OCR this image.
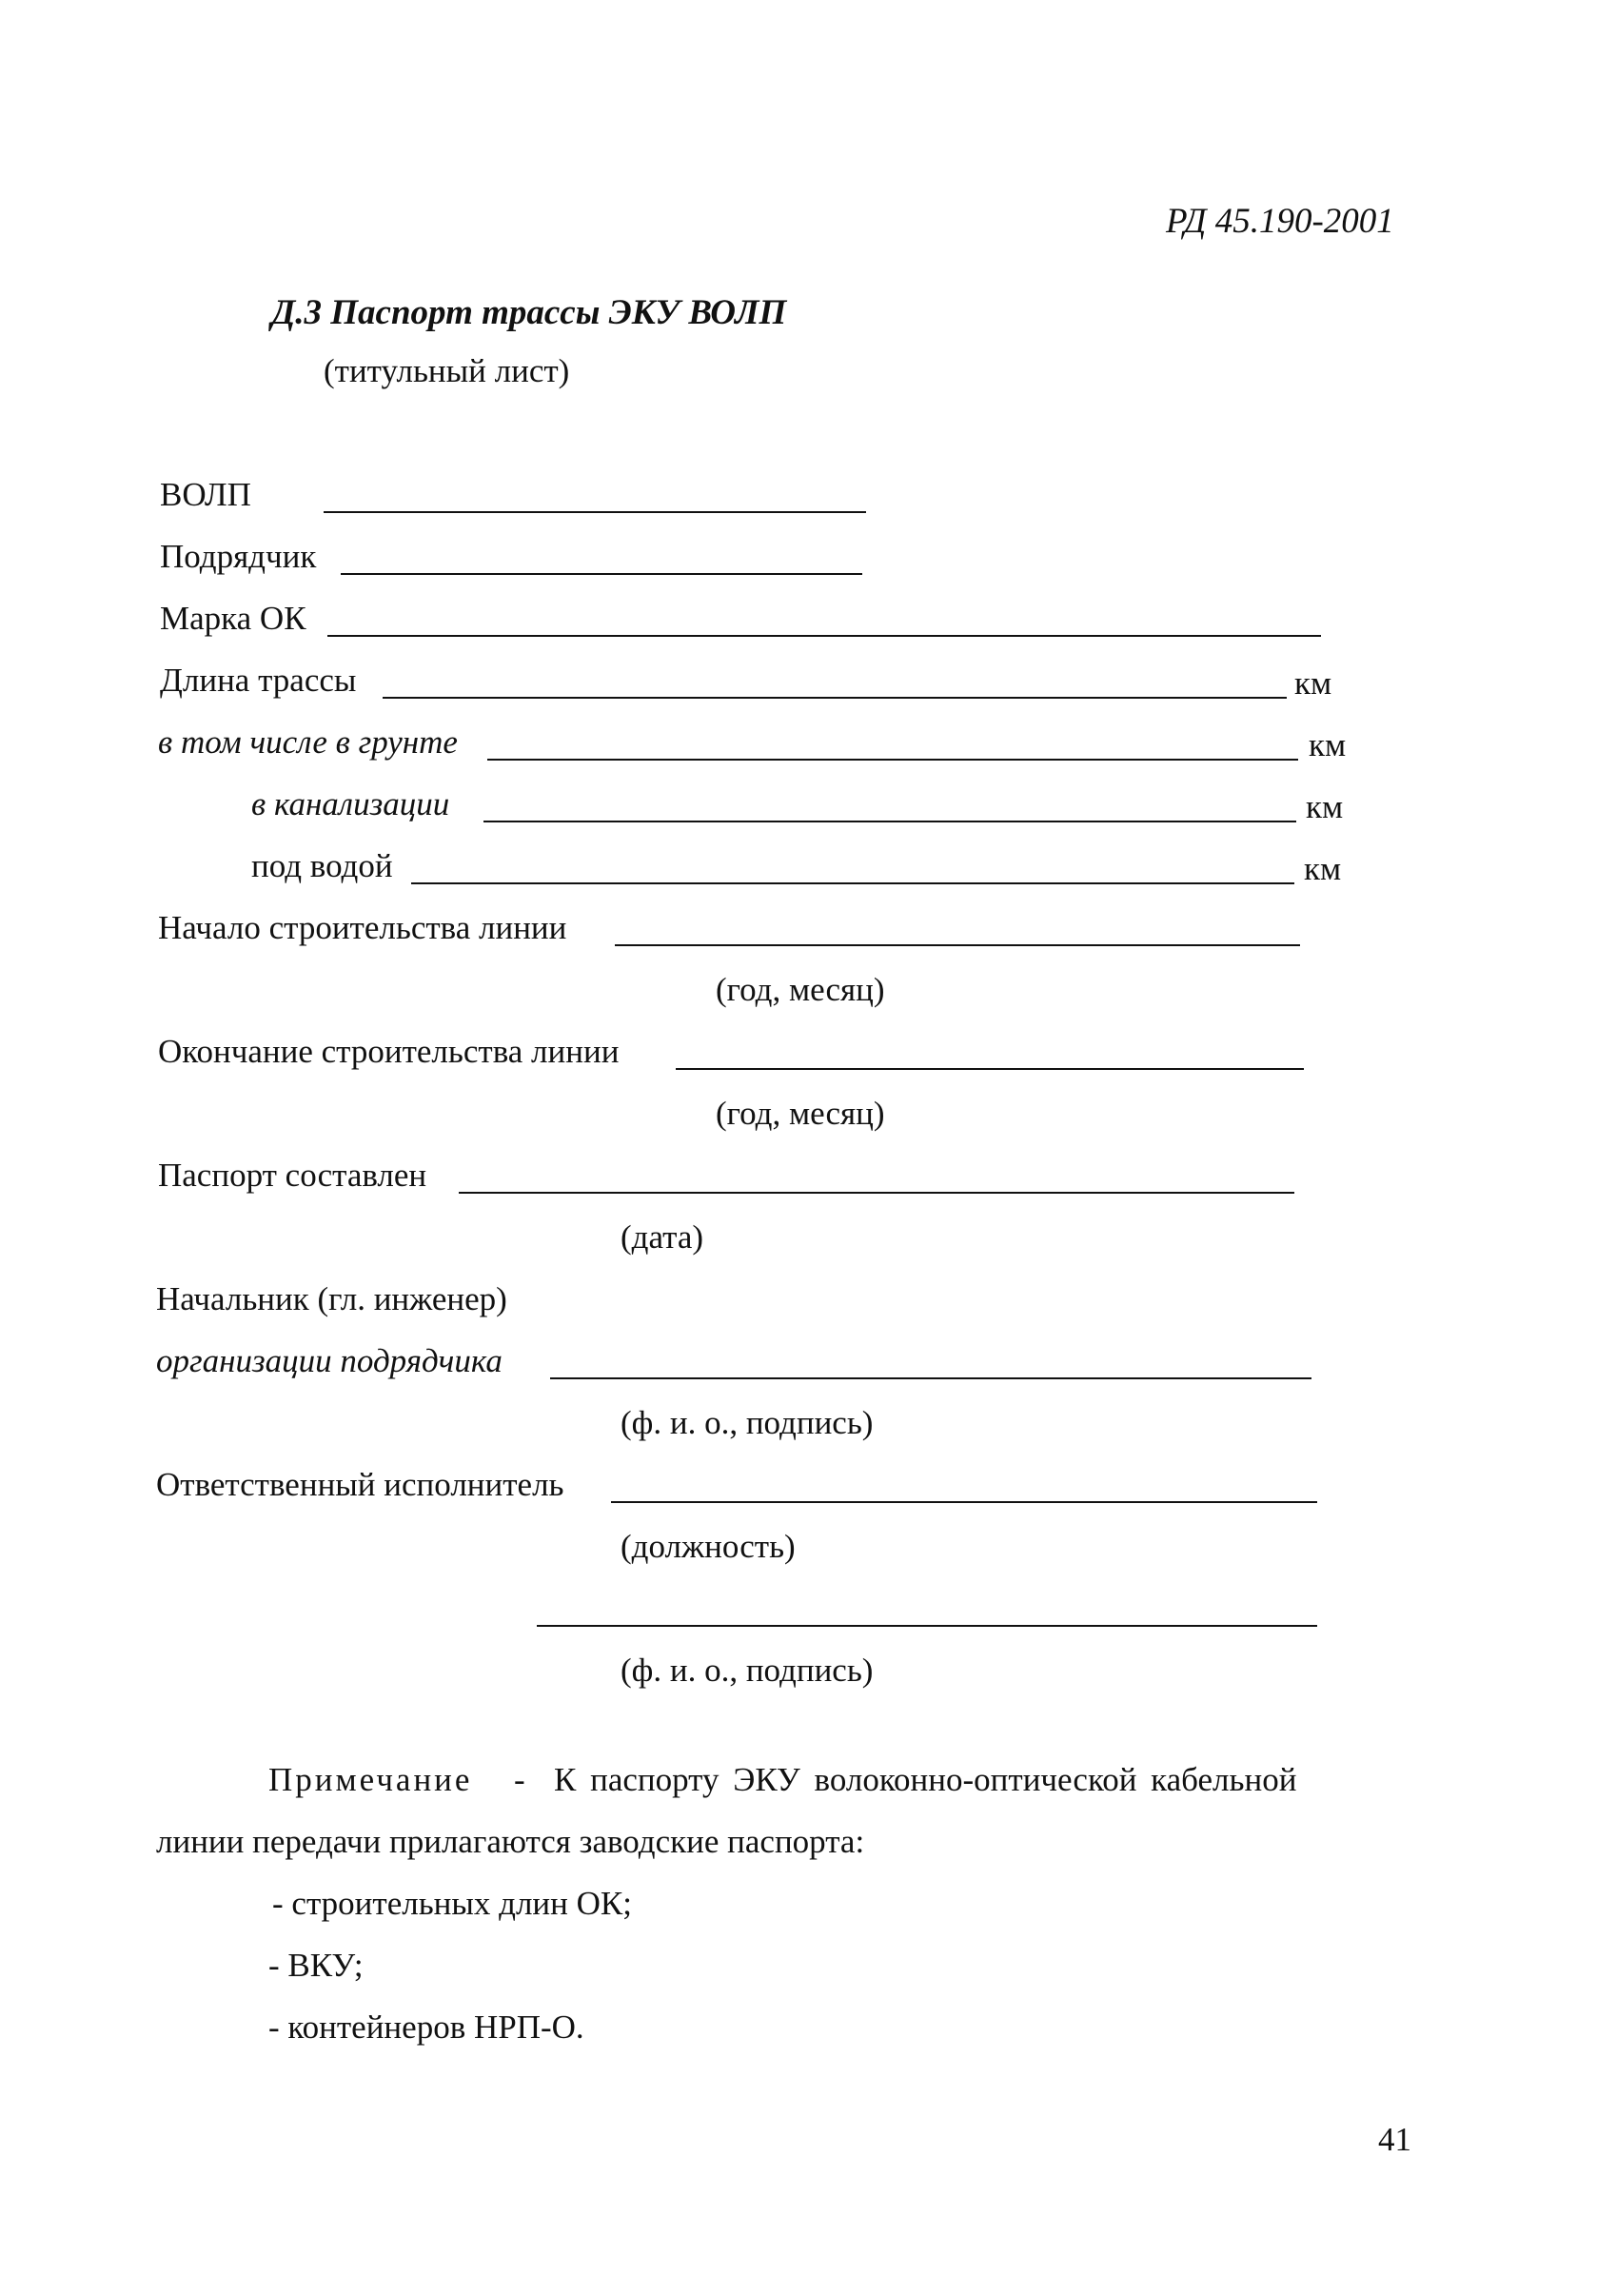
РД 45.190-2001
Д.3 Паспорт трассы ЭКУ ВОЛП
(титульный лист)
ВОЛП
Подрядчик
Марка ОК
Длина трассы	км
в том числе в грунте	км
в канализации	км
под водой	км
Начало строительства линии
(год, месяц)
Окончание строительства линии
(год, месяц)
Паспорт составлен
(дата)
Начальник (гл. инженер)
организации подрядчика
(ф. и. о., подпись)
Ответственный исполнитель
(должность)
(ф. и. о., подпись)
Примечание - К паспорту ЭКУ волоконно-оптической кабельной
линии передачи прилагаются заводские паспорта:
- строительных длин ОК;
- ВКУ;
- контейнеров НРП-О.
41
